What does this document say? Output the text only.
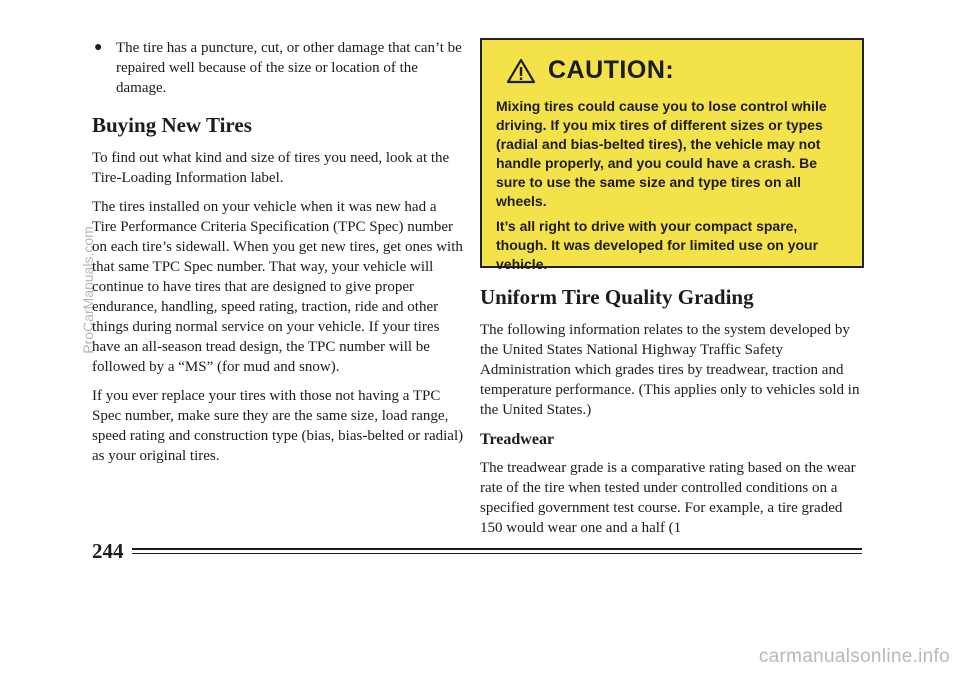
● The tire has a puncture, cut, or other damage that can’t be repaired well because of the size or location of the damage.
Buying New Tires

To find out what kind and size of tires you need, look at the Tire-Loading Information label.

The tires installed on your vehicle when it was new had a Tire Performance Criteria Specification (TPC Spec) number on each tire’s sidewall. When you get new tires, get ones with that same TPC Spec number. That way, your vehicle will continue to have tires that are designed to give proper endurance, handling, speed rating, traction, ride and other things during normal service on your vehicle. If your tires have an all-season tread design, the TPC number will be followed by a “MS” (for mud and snow).

If you ever replace your tires with those not having a TPC Spec number, make sure they are the same size, load range, speed rating and construction type (bias, bias-belted or radial) as your original tires.

ProCarManuals.com
CAUTION:

Mixing tires could cause you to lose control while driving. If you mix tires of different sizes or types (radial and bias-belted tires), the vehicle may not handle properly, and you could have a crash. Be sure to use the same size and type tires on all wheels.

It’s all right to drive with your compact spare, though. It was developed for limited use on your vehicle.

Uniform Tire Quality Grading

The following information relates to the system developed by the United States National Highway Traffic Safety Administration which grades tires by treadwear, traction and temperature performance. (This applies only to vehicles sold in the United States.)

Treadwear

The treadwear grade is a comparative rating based on the wear rate of the tire when tested under controlled conditions on a specified government test course. For example, a tire graded 150 would wear one and a half (1

244
carmanualsonline.info
